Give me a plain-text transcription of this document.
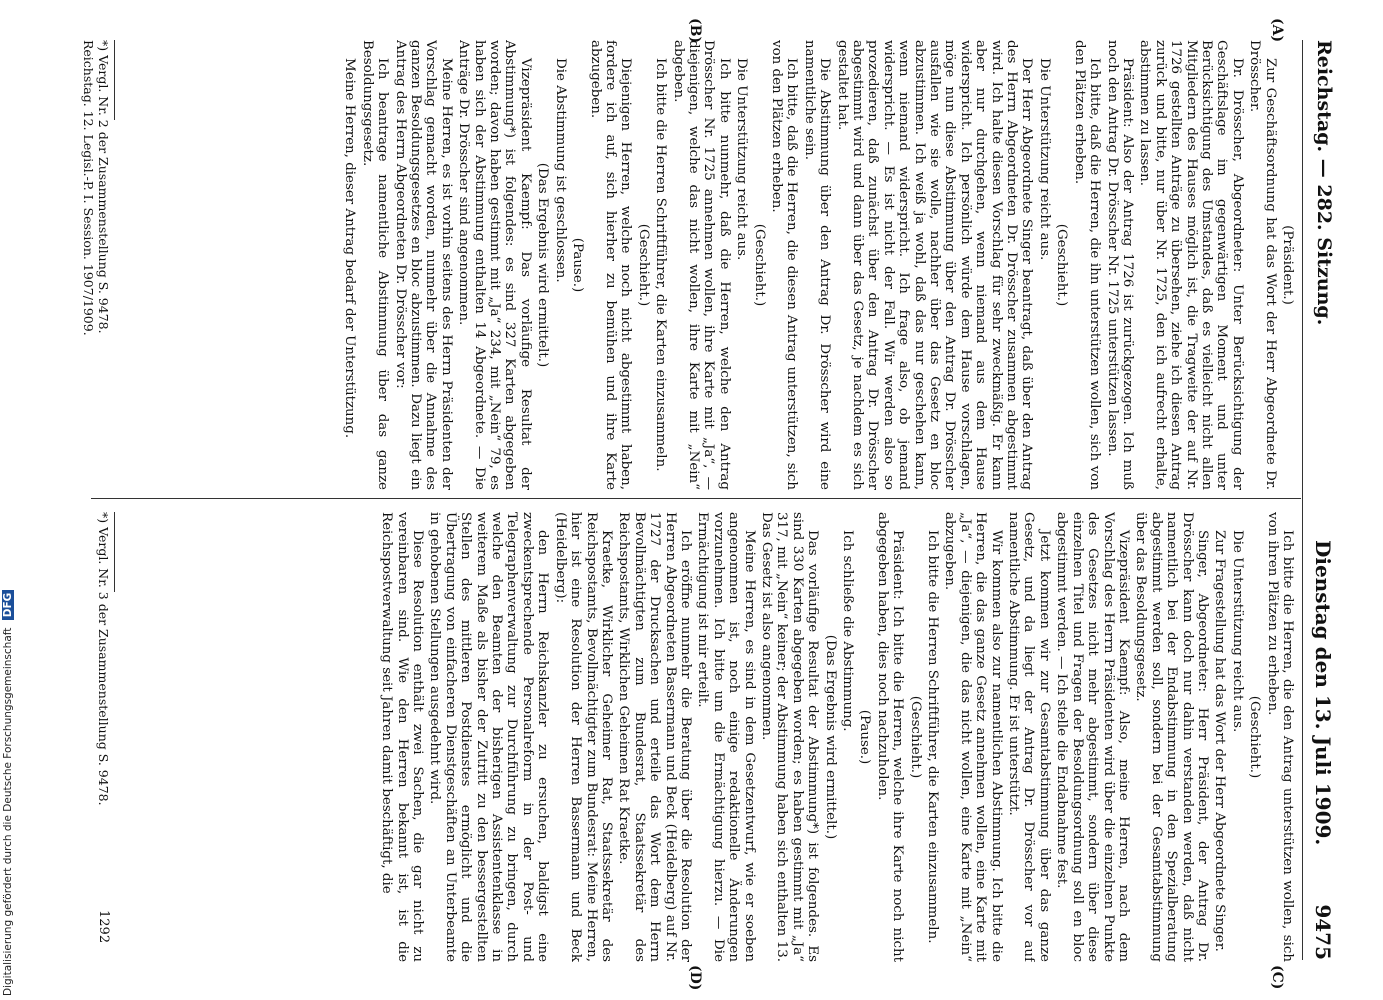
Reichstag. — 282. Sitzung.
Dienstag den 13. Juli 1909.
9475
(A)
(B)
(C)
(D)

(Präsident.)

Zur Geschäftsordnung hat das Wort der Herr Abgeordnete Dr. Drösscher.

Dr. Drösscher, Abgeordneter: Unter Berücksichtigung der Geschäftslage im gegenwärtigen Moment und unter Berücksichtigung des Umstandes, daß es vielleicht nicht allen Mitgliedern des Hauses möglich ist, die Tragweite der auf Nr. 1726 gestellten Anträge zu übersehen, ziehe ich diesen Antrag zurück und bitte, nur über Nr. 1725, den ich aufrecht erhalte, abstimmen zu lassen.

Präsident: Also der Antrag 1726 ist zurückgezogen. Ich muß noch den Antrag Dr. Drösscher Nr. 1725 unterstützen lassen.

Ich bitte, daß die Herren, die ihn unterstützen wollen, sich von den Plätzen erheben.

(Geschieht.)

Die Unterstützung reicht aus.

Der Herr Abgeordnete Singer beantragt, daß über den Antrag des Herrn Abgeordneten Dr. Drösscher zusammen abgestimmt wird. Ich halte diesen Vorschlag für sehr zweckmäßig. Er kann aber nur durchgehen, wenn niemand aus dem Hause widerspricht. Ich persönlich würde dem Hause vorschlagen, möge nun diese Abstimmung über den Antrag Dr. Drösscher ausfallen wie sie wolle, nachher über das Gesetz en bloc abzustimmen. Ich weiß ja wohl, daß das nur geschehen kann, wenn niemand widerspricht. Ich frage also, ob jemand widerspricht. — Es ist nicht der Fall. Wir werden also so prozedieren, daß zunächst über den Antrag Dr. Drösscher abgestimmt wird und dann über das Gesetz, je nachdem es sich gestaltet hat.

Die Abstimmung über den Antrag Dr. Drösscher wird eine namentliche sein.

Ich bitte, daß die Herren, die diesen Antrag unterstützen, sich von den Plätzen erheben.

(Geschieht.)

Die Unterstützung reicht aus.

Ich bitte nunmehr, daß die Herren, welche den Antrag Drösscher Nr. 1725 annehmen wollen, ihre Karte mit „Ja“, — diejenigen, welche das nicht wollen, ihre Karte mit „Nein“ abgeben.

Ich bitte die Herren Schriftführer, die Karten einzusammeln.

(Geschieht.)

Diejenigen Herren, welche noch nicht abgestimmt haben, fordere ich auf, sich hierher zu bemühen und ihre Karte abzugeben.

(Pause.)

Die Abstimmung ist geschlossen.

(Das Ergebnis wird ermittelt.)

Vizepräsident Kaempf: Das vorläufige Resultat der Abstimmung*) ist folgendes: es sind 327 Karten abgegeben worden; davon haben gestimmt mit „Ja“ 234, mit „Nein“ 79, es haben sich der Abstimmung enthalten 14 Abgeordnete. — Die Anträge Dr. Drösscher sind angenommen.

Meine Herren, es ist vorhin seitens des Herrn Präsidenten der Vorschlag gemacht worden, nunmehr über die Annahme des ganzen Besoldungsgesetzes en bloc abzustimmen. Dazu liegt ein Antrag des Herrn Abgeordneten Dr. Drösscher vor:

Ich beantrage namentliche Abstimmung über das ganze Besoldungsgesetz.

Meine Herren, dieser Antrag bedarf der Unterstützung.

Ich bitte die Herren, die den Antrag unterstützen wollen, sich von ihren Plätzen zu erheben.

(Geschieht.)

Die Unterstützung reicht aus.

Zur Fragestellung hat das Wort der Herr Abgeordnete Singer.

Singer, Abgeordneter: Herr Präsident, der Antrag Dr. Drösscher kann doch nur dahin verstanden werden, daß nicht namentlich bei der Endabstimmung in den Spezialberatung abgestimmt werden soll, sondern bei der Gesamtabstimmung über das Besoldungsgesetz.

Vizepräsident Kaempf: Also, meine Herren, nach dem Vorschlag des Herrn Präsidenten wird über die einzelnen Punkte des Gesetzes nicht mehr abgestimmt, sondern über diese einzelnen Titel und Fragen der Besoldungsordnung soll en bloc abgestimmt werden. — Ich stelle die Endabnahme fest.

Jetzt kommen wir zur Gesamtabstimmung über das ganze Gesetz, und da liegt der Antrag Dr. Drösscher vor auf namentliche Abstimmung. Er ist unterstützt.

Wir kommen also zur namentlichen Abstimmung. Ich bitte die Herren, die das ganze Gesetz annehmen wollen, eine Karte mit „Ja“, — diejenigen, die das nicht wollen, eine Karte mit „Nein“ abzugeben.

Ich bitte die Herren Schriftführer, die Karten einzusammeln.

(Geschieht.)

Präsident: Ich bitte die Herren, welche ihre Karte noch nicht abgegeben haben, dies noch nachzuholen.

(Pause.)

Ich schließe die Abstimmung.

(Das Ergebnis wird ermittelt.)

Das vorläufige Resultat der Abstimmung*) ist folgendes. Es sind 330 Karten abgegeben worden; es haben gestimmt mit „Ja“ 317, mit „Nein“ keiner; der Abstimmung haben sich enthalten 13. Das Gesetz ist also angenommen.

Meine Herren, es sind in dem Gesetzentwurf, wie er soeben angenommen ist, noch einige redaktionelle Änderungen vorzunehmen. Ich bitte um die Ermächtigung hierzu. — Die Ermächtigung ist mir erteilt.

Ich eröffne nunmehr die Beratung über die Resolution der Herren Abgeordneten Bassermann und Beck (Heidelberg) auf Nr. 1727 der Drucksachen und erteile das Wort dem Herrn Bevollmächtigten zum Bundesrat, Staatssekretär des Reichspostamts, Wirklichen Geheimen Rat Kraetke.

Kraetke, Wirklicher Geheimer Rat, Staatssekretär des Reichspostamts, Bevollmächtigter zum Bundesrat: Meine Herren, hier ist eine Resolution der Herren Bassermann und Beck (Heidelberg):

den Herrn Reichskanzler zu ersuchen, baldigst eine zweckentsprechende Personalreform in der Post- und Telegraphenverwaltung zur Durchführung zu bringen, durch welche den Beamten der bisherigen Assistentenklasse in weiterem Maße als bisher der Zutritt zu den bessergestellten Stellen des mittleren Postdienstes ermöglicht und die Übertragung von einfacheren Dienstgeschäften an Unterbeamte in gehobenen Stellungen ausgedehnt wird.

Diese Resolution enthält zwei Sachen, die gar nicht zu vereinbaren sind. Wie den Herren bekannt ist, ist die Reichspostverwaltung seit Jahren damit beschäftigt, die

*) Vergl. Nr. 2 der Zusammenstellung S. 9478.
Reichstag. 12. Legisl.-P. I. Session. 1907/1909.
*) Vergl. Nr. 3 der Zusammenstellung S. 9478.
1292
Digitalisierung gefördert durch die Deutsche Forschungsgemeinschaft DFG
